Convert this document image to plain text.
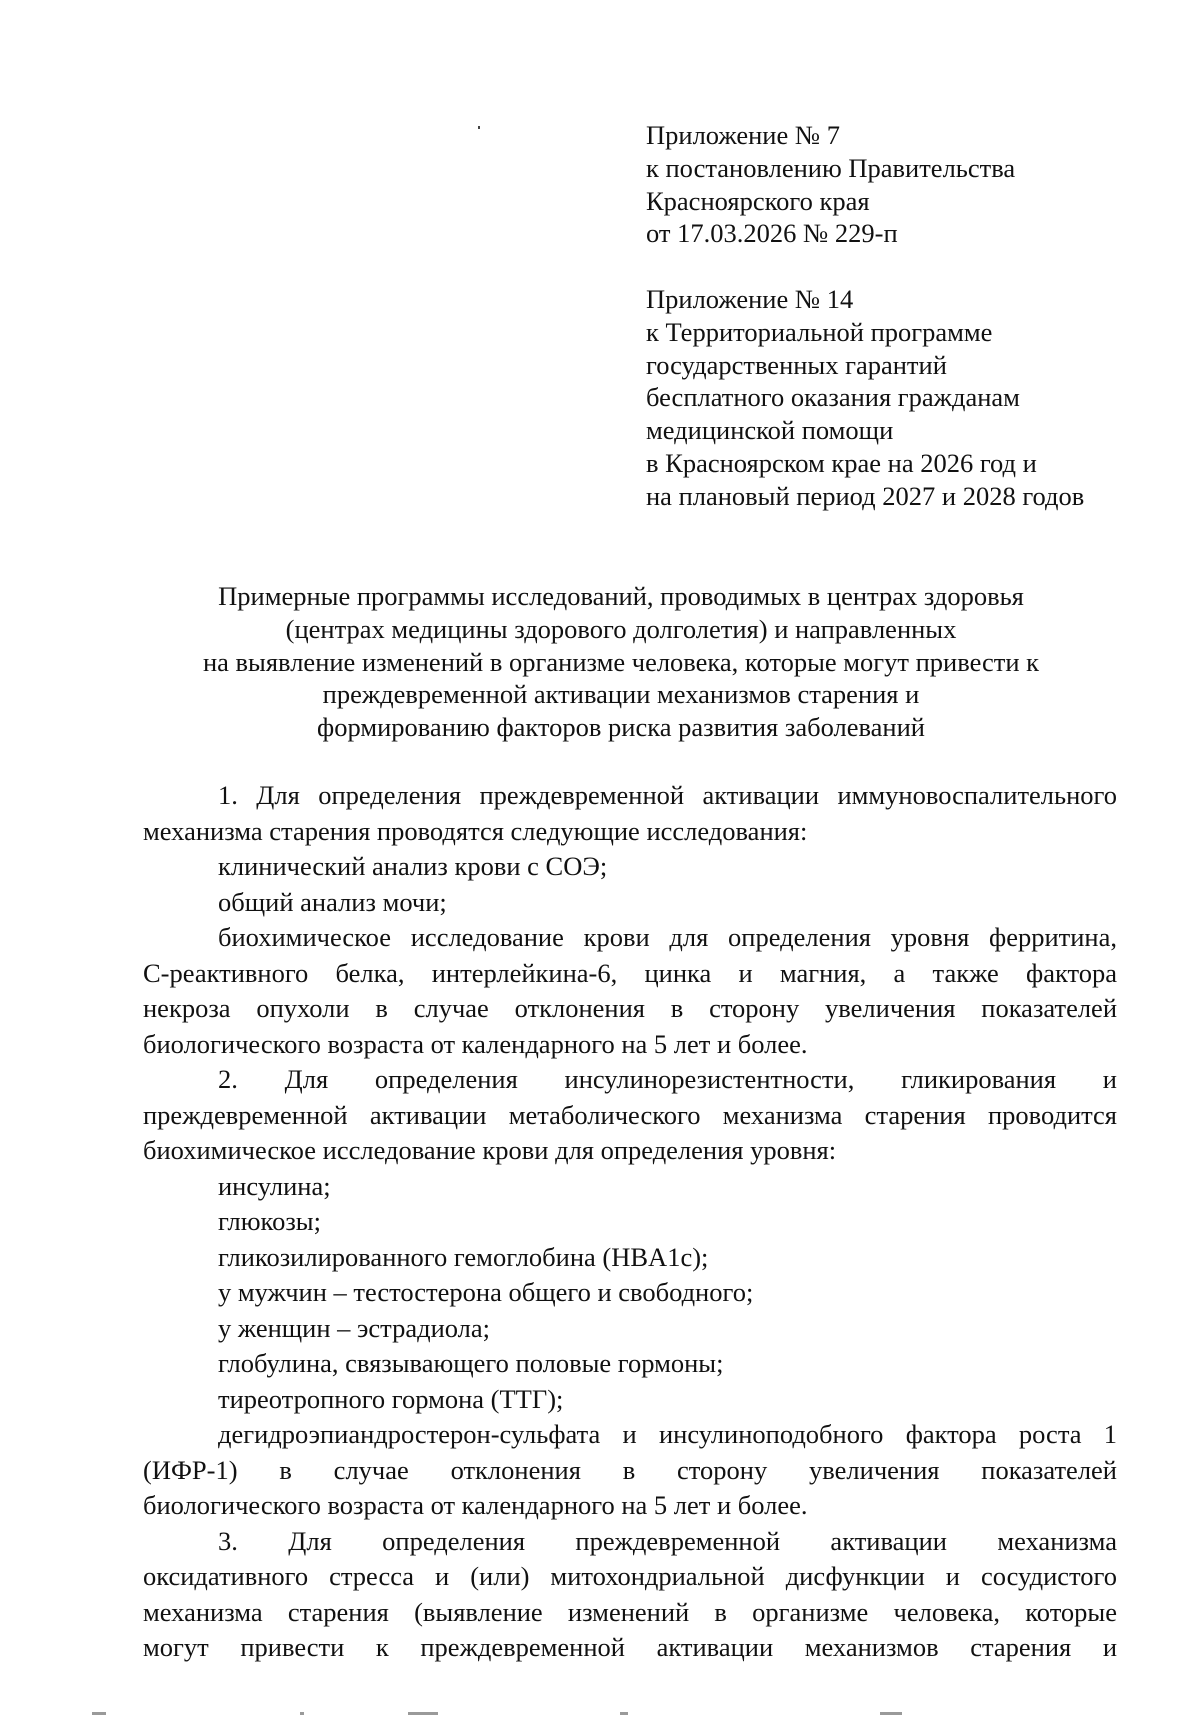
Приложение № 7
к постановлению Правительства
Красноярского края
от 17.03.2026 № 229-п
Приложение № 14
к Территориальной программе
государственных гарантий
бесплатного оказания гражданам
медицинской помощи
в Красноярском крае на 2026 год и
на плановый период 2027 и 2028 годов
Примерные программы исследований, проводимых в центрах здоровья
(центрах медицины здорового долголетия) и направленных
на выявление изменений в организме человека, которые могут привести к
преждевременной активации механизмов старения и
формированию факторов риска развития заболеваний
1. Для определения преждевременной активации иммуновоспалительного
механизма старения проводятся следующие исследования:
клинический анализ крови с СОЭ;
общий анализ мочи;
биохимическое исследование крови для определения уровня ферритина,
С-реактивного белка, интерлейкина-6, цинка и магния, а также фактора
некроза опухоли в случае отклонения в сторону увеличения показателей
биологического возраста от календарного на 5 лет и более.
2. Для определения инсулинорезистентности, гликирования и
преждевременной активации метаболического механизма старения проводится
биохимическое исследование крови для определения уровня:
инсулина;
глюкозы;
гликозилированного гемоглобина (HBA1c);
у мужчин – тестостерона общего и свободного;
у женщин – эстрадиола;
глобулина, связывающего половые гормоны;
тиреотропного гормона (ТТГ);
дегидроэпиандростерон-сульфата и инсулиноподобного фактора роста 1
(ИФР-1) в случае отклонения в сторону увеличения показателей
биологического возраста от календарного на 5 лет и более.
3. Для определения преждевременной активации механизма
оксидативного стресса и (или) митохондриальной дисфункции и сосудистого
механизма старения (выявление изменений в организме человека, которые
могут привести к преждевременной активации механизмов старения и
